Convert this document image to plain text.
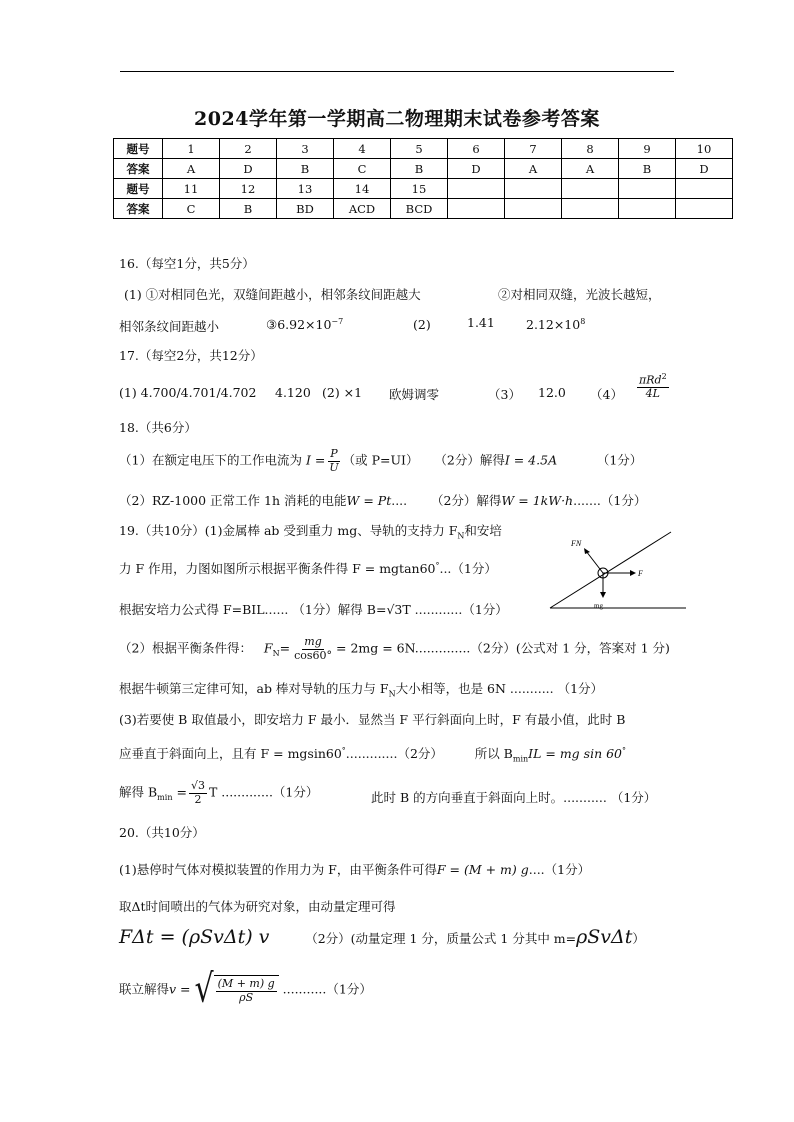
2024学年第一学期高二物理期末试卷参考答案
题号	1	2	3	4	5	6	7	8	9	10
答案	A	D	B	C	B	D	A	A	B	D
题号	11	12	13	14	15					
答案	C	B	BD	ACD	BCD					
16.（每空1分，共5分）
(1) ①对相同色光，双缝间距越小，相邻条纹间距越大	②对相同双缝，光波长越短，
相邻条纹间距越小	$③6.92\times 10^{-7}$	(2)	1.41 $2.12\times 10^8$
17.（每空2分，共12分）
(1) 4.700/4.701/4.702 4.120 (2) ×1 欧姆调零	（3） 12.0 $(4) \frac{\pi Rd^2}{4L}$
18.（共6分）
（1）在额定电压下的工作电流为 $I = \frac{P}{U}$ （或 P=UI） （2分）解得I = 4.5A	（1分）
（2）RZ-1000 正常工作 1h 消耗的电能W = Pt.... （2分）解得W = 1kW·h.......（1分）
19.（共10分）(1)金属棒 ab 受到重力 mg、导轨的支持力 $F_N$和安培
力 F 作用，力图如图所示根据平衡条件得 F = mgtan60°...（1分）
根据安培力公式得 F=BIL...... （1分）解得 B=√3T ............（1分）
FN
F
mg
（2）根据平衡条件得： $F_N= \frac{mg}{\cos 60^\circ} = 2mg = 6N..............(2$分）(公式对 1 分，答案对 1 分)
根据牛顿第三定律可知，ab 棒对导轨的压力与 $F_N$大小相等，也是 6N ........... （1分）
(3)若要使 B 取值最小，即安培力 F 最小．显然当 F 平行斜面向上时，F 有最小值，此时 B
应垂直于斜面向上，且有 F = mgsin60°.............（2分）	所以 $B_{min}IL$ = mg sin 60°
解得 $B_{min} = \frac{√3}{2}$ T .............（1分）	此时 B 的方向垂直于斜面向上时。........... （1分）
20.（共10分）
(1)悬停时气体对模拟装置的作用力为 F，由平衡条件可得F = (M + m) g....（1分）
取Δt时间喷出的气体为研究对象，由动量定理可得
FΔt = (ρSvΔt) v	（2分）(动量定理 1 分，质量公式 1 分其中 m=ρSvΔt）
联立解得v = √ $\frac{(M + m) g}{\rho S} ...........(1$分）
